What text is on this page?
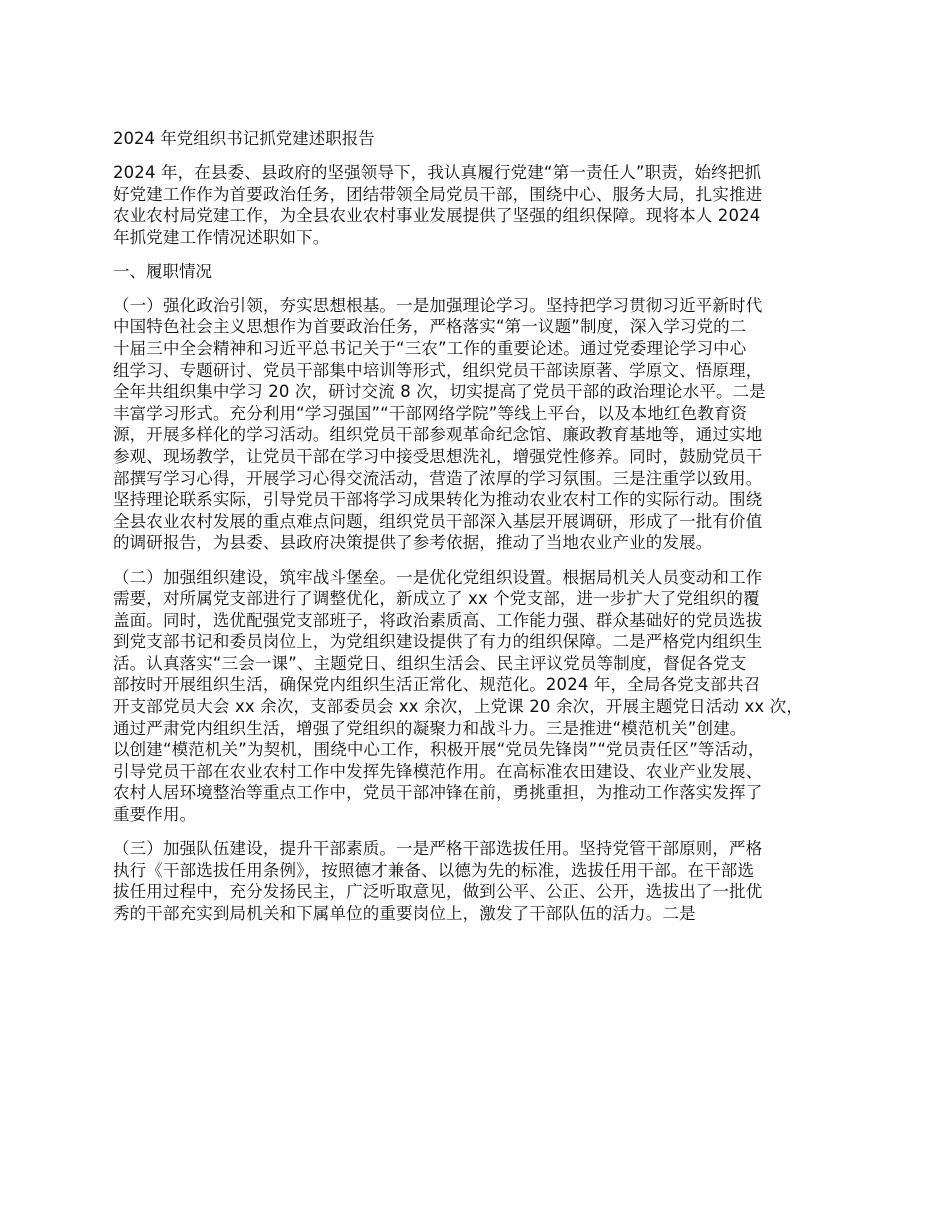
2024 年党组织书记抓党建述职报告
2024 年，在县委、县政府的坚强领导下，我认真履行党建“第一责任人”职责，始终把抓
好党建工作作为首要政治任务，团结带领全局党员干部，围绕中心、服务大局，扎实推进
农业农村局党建工作，为全县农业农村事业发展提供了坚强的组织保障。现将本人 2024
年抓党建工作情况述职如下。
一、履职情况
（一）强化政治引领，夯实思想根基。一是加强理论学习。坚持把学习贯彻习近平新时代
中国特色社会主义思想作为首要政治任务，严格落实“第一议题”制度，深入学习党的二
十届三中全会精神和习近平总书记关于“三农”工作的重要论述。通过党委理论学习中心
组学习、专题研讨、党员干部集中培训等形式，组织党员干部读原著、学原文、悟原理，
全年共组织集中学习 20 次，研讨交流 8 次，切实提高了党员干部的政治理论水平。二是
丰富学习形式。充分利用“学习强国”“干部网络学院”等线上平台，以及本地红色教育资
源，开展多样化的学习活动。组织党员干部参观革命纪念馆、廉政教育基地等，通过实地
参观、现场教学，让党员干部在学习中接受思想洗礼，增强党性修养。同时，鼓励党员干
部撰写学习心得，开展学习心得交流活动，营造了浓厚的学习氛围。三是注重学以致用。
坚持理论联系实际，引导党员干部将学习成果转化为推动农业农村工作的实际行动。围绕
全县农业农村发展的重点难点问题，组织党员干部深入基层开展调研，形成了一批有价值
的调研报告，为县委、县政府决策提供了参考依据，推动了当地农业产业的发展。
（二）加强组织建设，筑牢战斗堡垒。一是优化党组织设置。根据局机关人员变动和工作
需要，对所属党支部进行了调整优化，新成立了 xx 个党支部，进一步扩大了党组织的覆
盖面。同时，选优配强党支部班子，将政治素质高、工作能力强、群众基础好的党员选拔
到党支部书记和委员岗位上，为党组织建设提供了有力的组织保障。二是严格党内组织生
活。认真落实“三会一课”、主题党日、组织生活会、民主评议党员等制度，督促各党支
部按时开展组织生活，确保党内组织生活正常化、规范化。2024 年，全局各党支部共召
开支部党员大会 xx 余次，支部委员会 xx 余次，上党课 20 余次，开展主题党日活动 xx 次，
通过严肃党内组织生活，增强了党组织的凝聚力和战斗力。三是推进“模范机关”创建。
以创建“模范机关”为契机，围绕中心工作，积极开展“党员先锋岗”“党员责任区”等活动，
引导党员干部在农业农村工作中发挥先锋模范作用。在高标准农田建设、农业产业发展、
农村人居环境整治等重点工作中，党员干部冲锋在前，勇挑重担，为推动工作落实发挥了
重要作用。
（三）加强队伍建设，提升干部素质。一是严格干部选拔任用。坚持党管干部原则，严格
执行《干部选拔任用条例》，按照德才兼备、以德为先的标准，选拔任用干部。在干部选
拔任用过程中，充分发扬民主，广泛听取意见，做到公平、公正、公开，选拔出了一批优
秀的干部充实到局机关和下属单位的重要岗位上，激发了干部队伍的活力。二是
